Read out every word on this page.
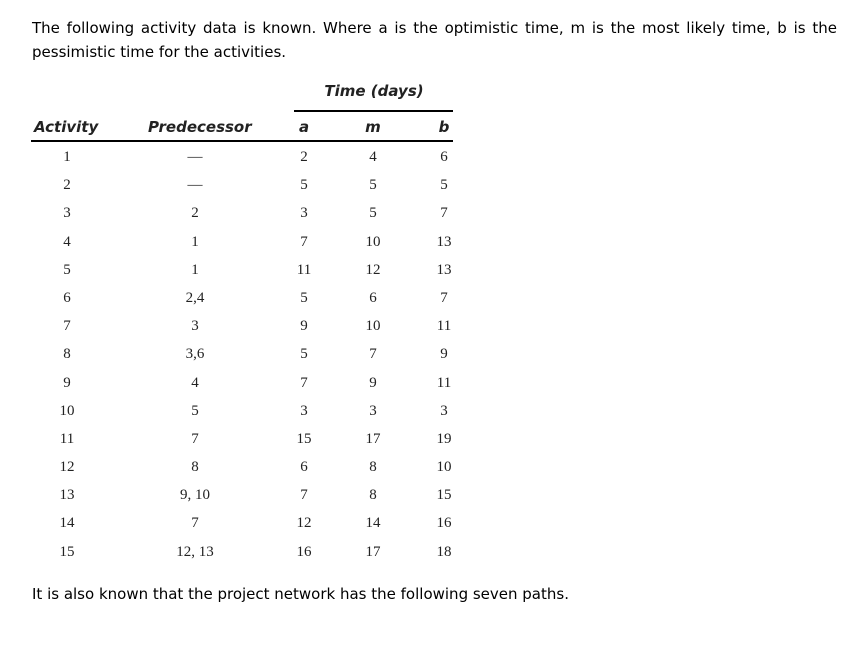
The following activity data is known. Where a is the optimistic time, m is the most likely time, b is the pessimistic time for the activities.

Time (days)
Activity	Predecessor	a	m	b
1	—	2	4	6
2	—	5	5	5
3	2	3	5	7
4	1	7	10	13
5	1	11	12	13
6	2,4	5	6	7
7	3	9	10	11
8	3,6	5	7	9
9	4	7	9	11
10	5	3	3	3
11	7	15	17	19
12	8	6	8	10
13	9, 10	7	8	15
14	7	12	14	16
15	12, 13	16	17	18

It is also known that the project network has the following seven paths.
